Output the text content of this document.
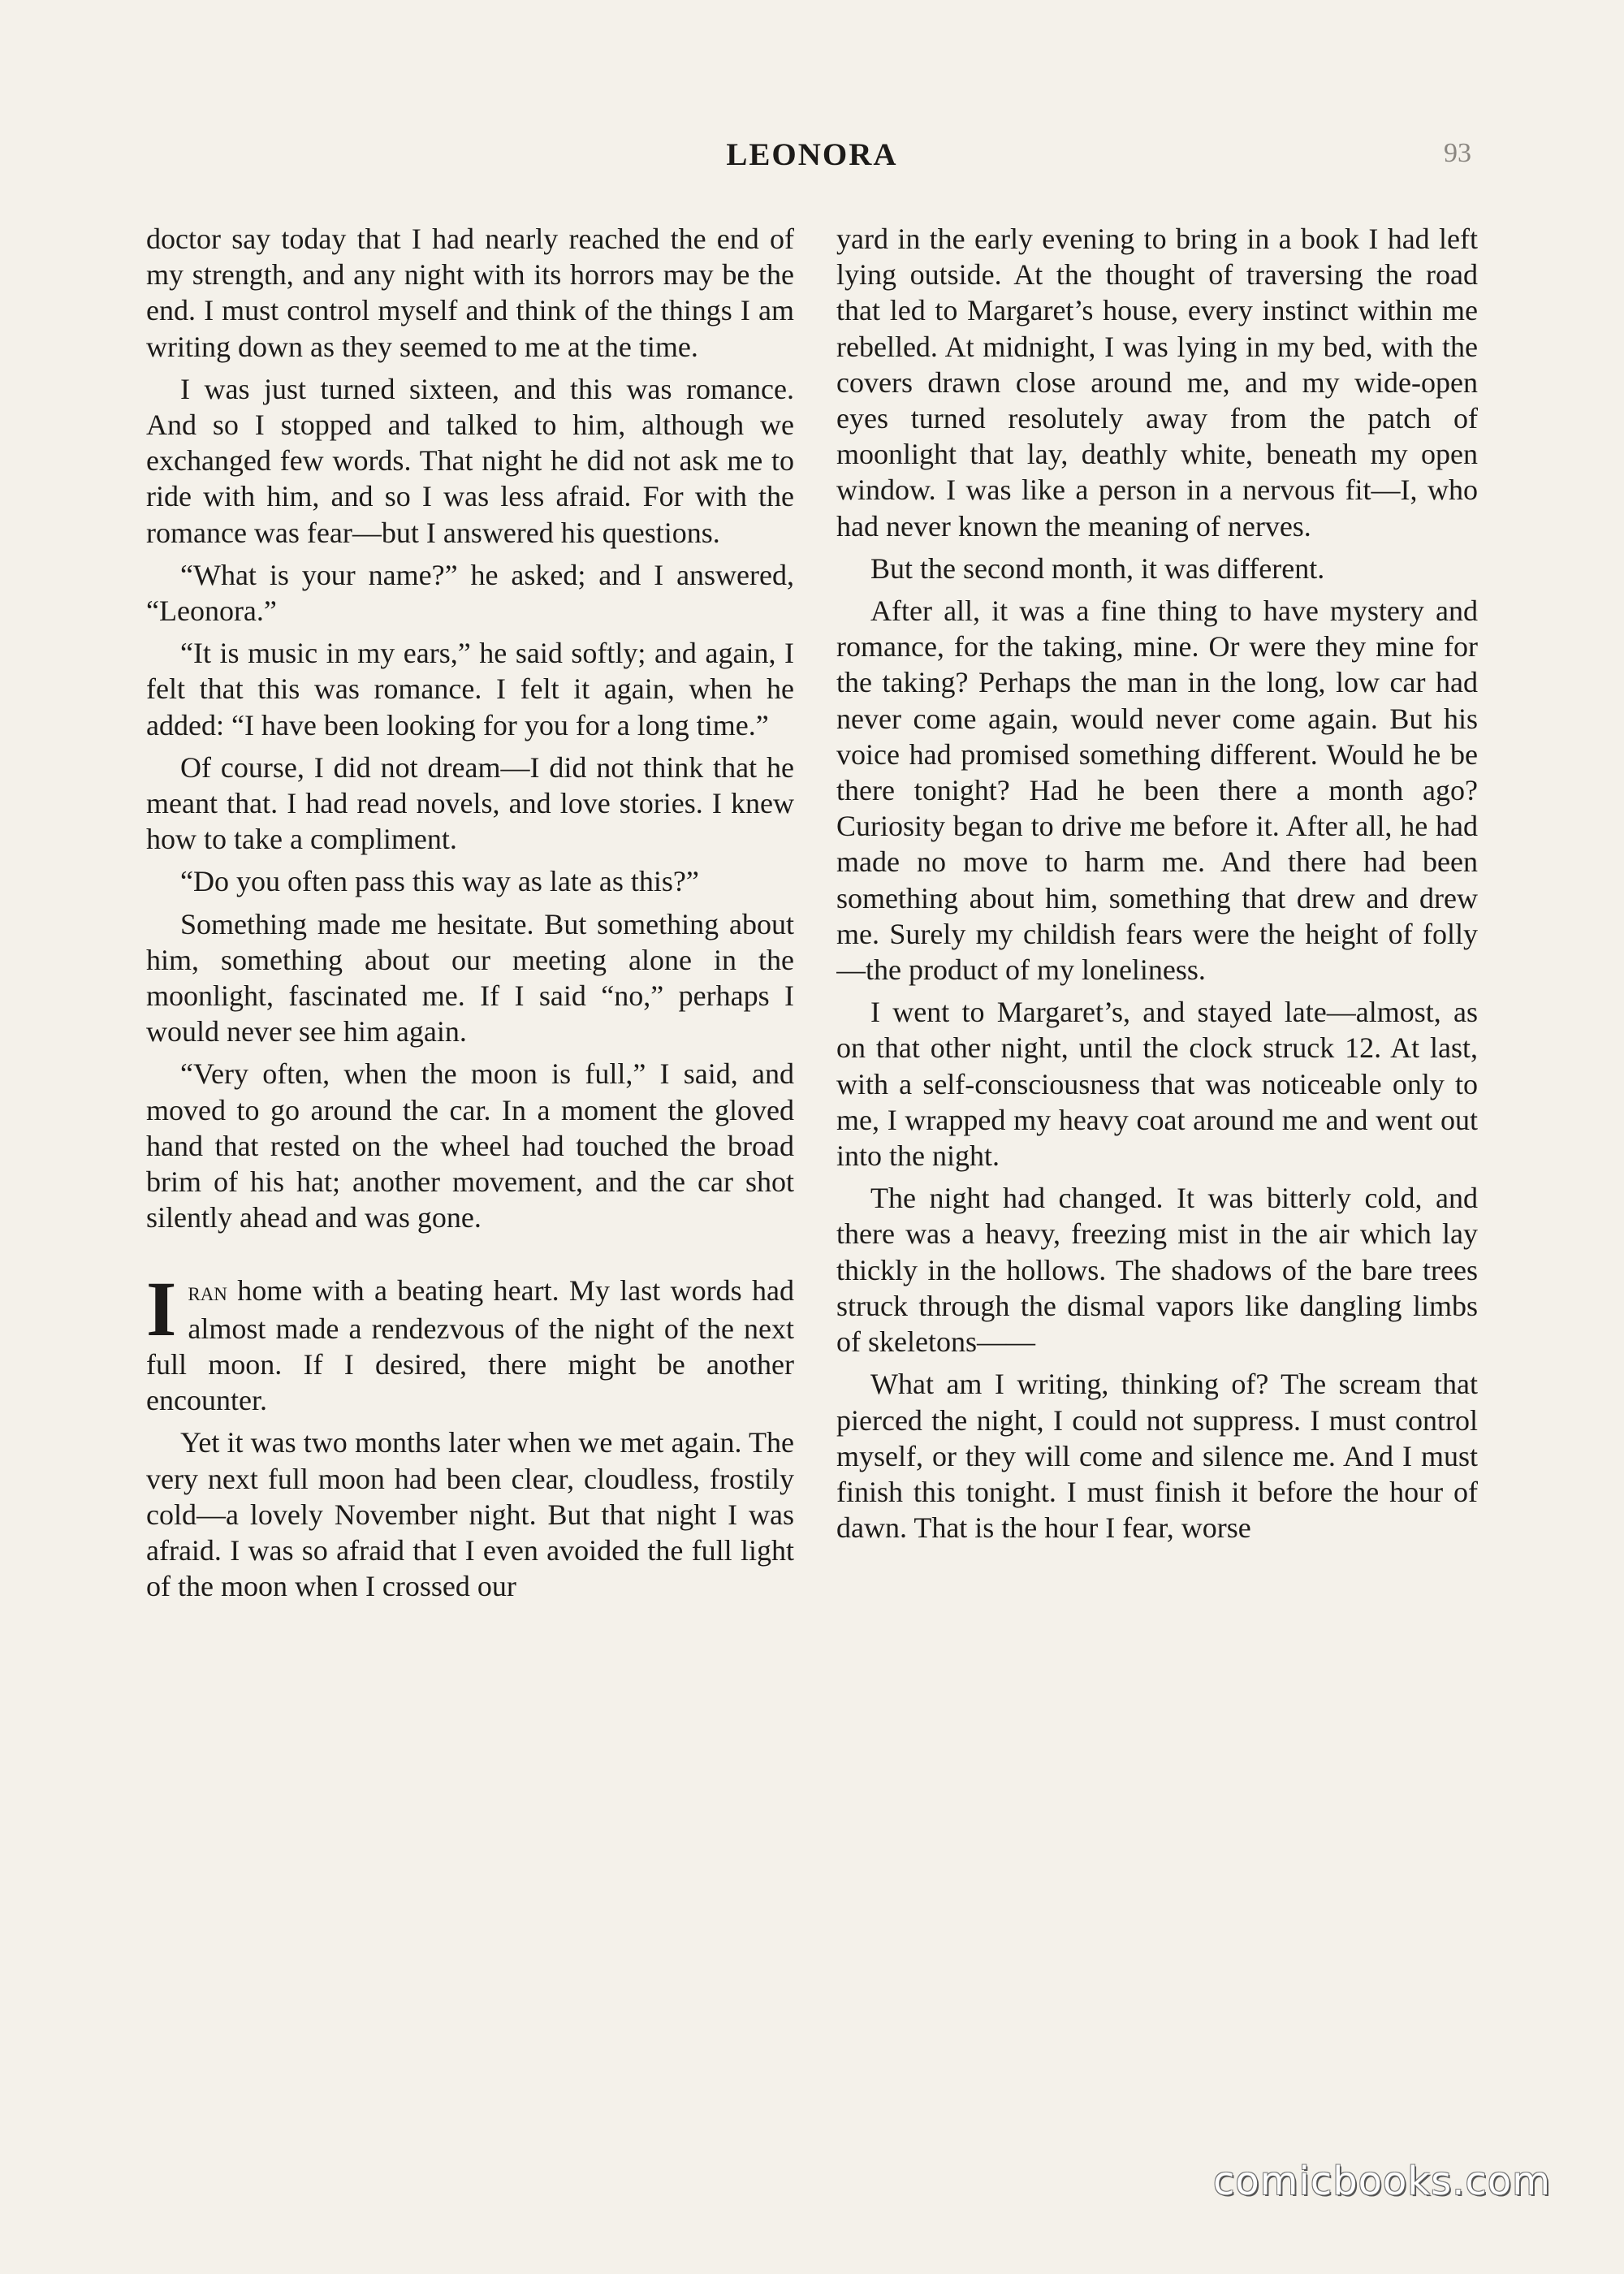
LEONORA	93

doctor say today that I had nearly reached the end of my strength, and any night with its horrors may be the end. I must control myself and think of the things I am writing down as they seemed to me at the time.

I was just turned sixteen, and this was romance. And so I stopped and talked to him, although we exchanged few words. That night he did not ask me to ride with him, and so I was less afraid. For with the romance was fear—but I answered his questions.

“What is your name?” he asked; and I answered, “Leonora.”

“It is music in my ears,” he said softly; and again, I felt that this was romance. I felt it again, when he added: “I have been looking for you for a long time.”

Of course, I did not dream—I did not think that he meant that. I had read novels, and love stories. I knew how to take a compliment.

“Do you often pass this way as late as this?”

Something made me hesitate. But something about him, something about our meeting alone in the moonlight, fascinated me. If I said “no,” perhaps I would never see him again.

“Very often, when the moon is full,” I said, and moved to go around the car. In a moment the gloved hand that rested on the wheel had touched the broad brim of his hat; another movement, and the car shot silently ahead and was gone.

Iran home with a beating heart. My last words had almost made a rendezvous of the night of the next full moon. If I desired, there might be another encounter.

Yet it was two months later when we met again. The very next full moon had been clear, cloudless, frostily cold—a lovely November night. But that night I was afraid. I was so afraid that I even avoided the full light of the moon when I crossed our

yard in the early evening to bring in a book I had left lying outside. At the thought of traversing the road that led to Margaret’s house, every instinct within me rebelled. At midnight, I was lying in my bed, with the covers drawn close around me, and my wide-open eyes turned resolutely away from the patch of moonlight that lay, deathly white, beneath my open window. I was like a person in a nervous fit—I, who had never known the meaning of nerves.

But the second month, it was different.

After all, it was a fine thing to have mystery and romance, for the taking, mine. Or were they mine for the taking? Perhaps the man in the long, low car had never come again, would never come again. But his voice had promised something different. Would he be there tonight? Had he been there a month ago? Curiosity began to drive me before it. After all, he had made no move to harm me. And there had been something about him, something that drew and drew me. Surely my childish fears were the height of folly—the product of my loneliness.

I went to Margaret’s, and stayed late—almost, as on that other night, until the clock struck 12. At last, with a self-consciousness that was noticeable only to me, I wrapped my heavy coat around me and went out into the night.

The night had changed. It was bitterly cold, and there was a heavy, freezing mist in the air which lay thickly in the hollows. The shadows of the bare trees struck through the dismal vapors like dangling limbs of skeletons——

What am I writing, thinking of? The scream that pierced the night, I could not suppress. I must control myself, or they will come and silence me. And I must finish this tonight. I must finish it before the hour of dawn. That is the hour I fear, worse

comicbooks.com
